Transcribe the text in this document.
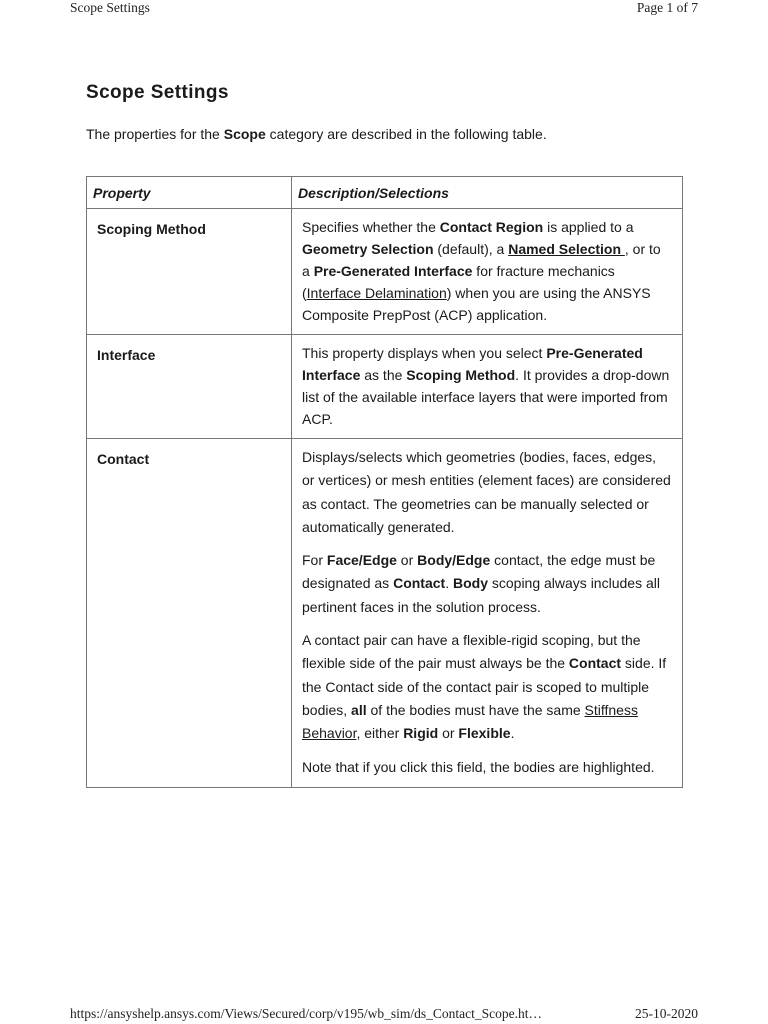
Scope Settings	Page 1 of 7
Scope Settings

The properties for the Scope category are described in the following table.

Property	Description/Selections
Scoping Method	Specifies whether the Contact Region is applied to a Geometry Selection (default), a Named Selection , or to a Pre-Generated Interface for fracture mechanics (Interface Delamination) when you are using the ANSYS Composite PrepPost (ACP) application.

Interface	This property displays when you select Pre-Generated Interface as the Scoping Method. It provides a drop-down list of the available interface layers that were imported from ACP.

Contact	Displays/selects which geometries (bodies, faces, edges, or vertices) or mesh entities (element faces) are considered as contact. The geometries can be manually selected or automatically generated.

For Face/Edge or Body/Edge contact, the edge must be designated as Contact. Body scoping always includes all pertinent faces in the solution process.

A contact pair can have a flexible-rigid scoping, but the flexible side of the pair must always be the Contact side. If the Contact side of the contact pair is scoped to multiple bodies, all of the bodies must have the same Stiffness Behavior, either Rigid or Flexible.

Note that if you click this field, the bodies are highlighted.

https://ansyshelp.ansys.com/Views/Secured/corp/v195/wb_sim/ds_Contact_Scope.ht…	25-10-2020
